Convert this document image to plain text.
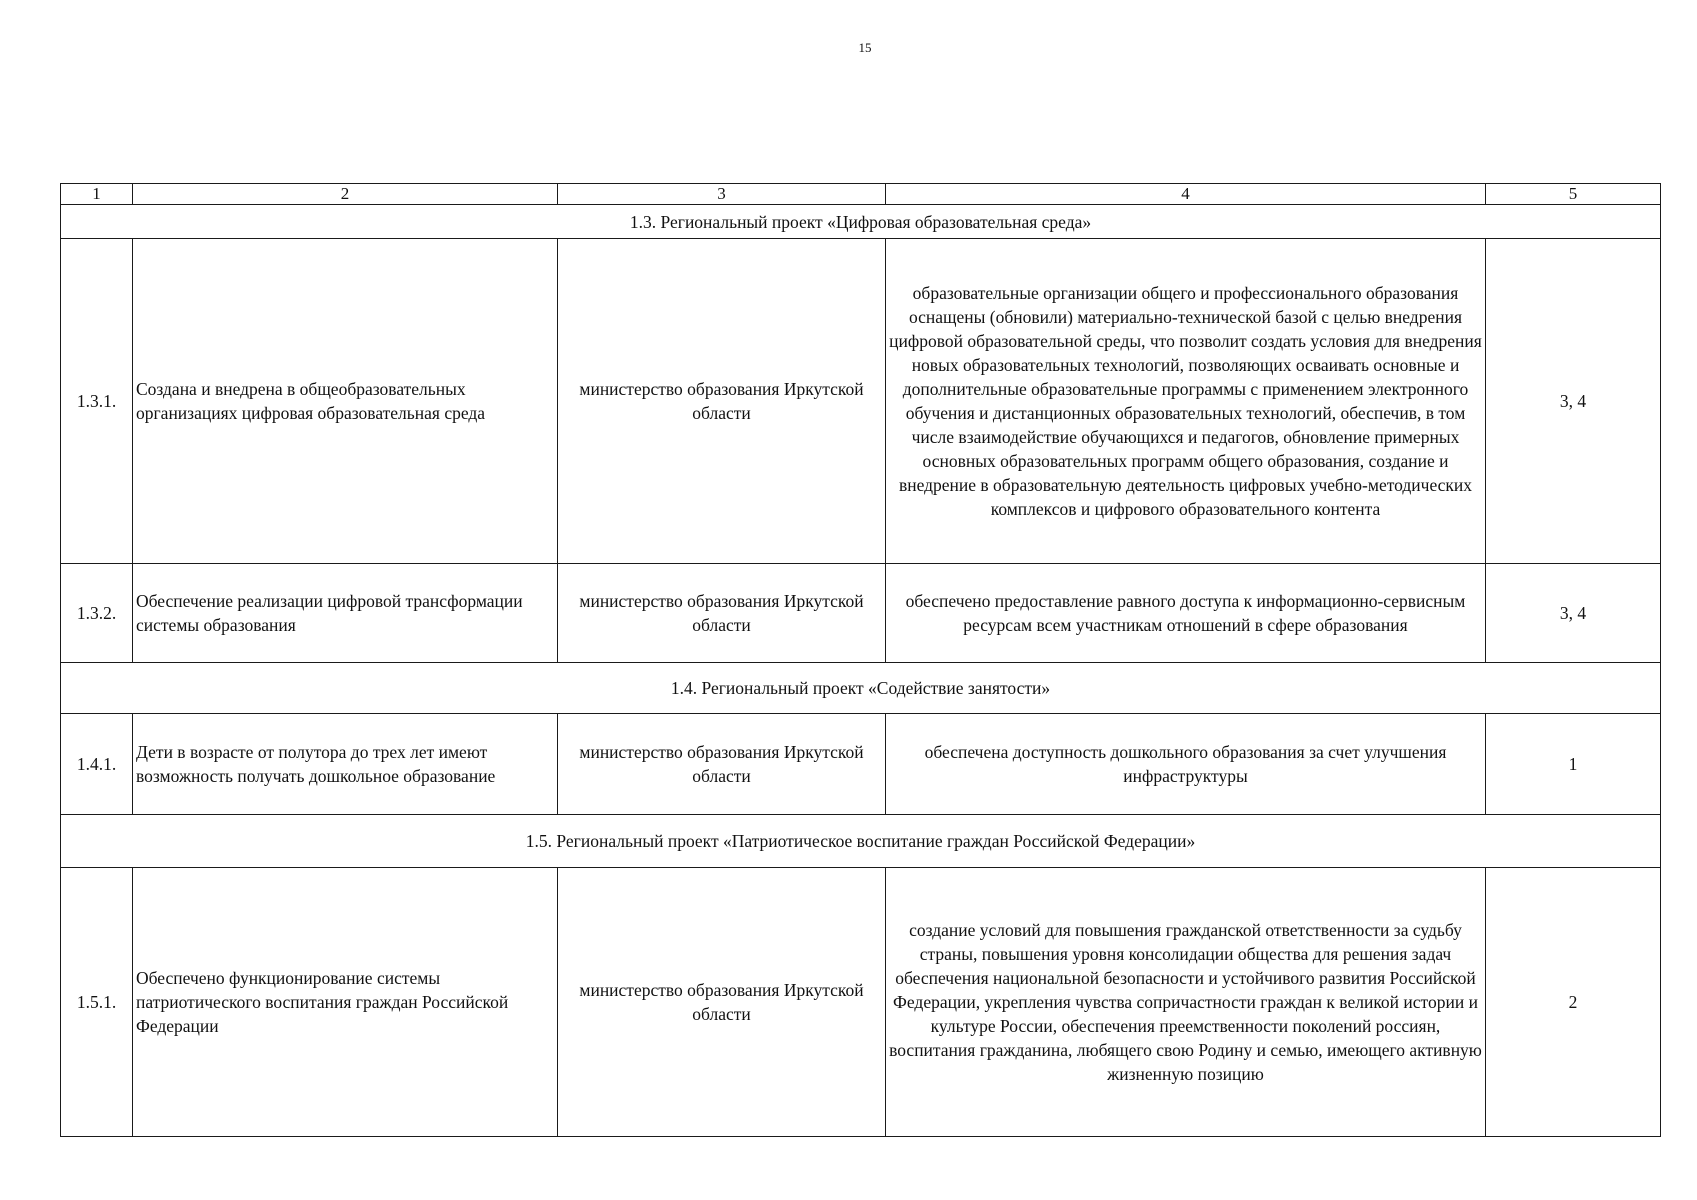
15
1	2	3	4	5
1.3. Региональный проект «Цифровая образовательная среда»				
1.3.1.	Создана и внедрена в общеобразовательных организациях цифровая образовательная среда	министерство образования Иркутской области	образовательные организации общего и профессионального образования оснащены (обновили) материально-технической базой с целью внедрения цифровой образовательной среды, что позволит создать условия для внедрения новых образовательных технологий, позволяющих осваивать основные и дополнительные образовательные программы с применением электронного обучения и дистанционных образовательных технологий, обеспечив, в том числе взаимодействие обучающихся и педагогов, обновление примерных основных образовательных программ общего образования, создание и внедрение в образовательную деятельность цифровых учебно-методических комплексов и цифрового образовательного контента	3, 4
1.3.2.	Обеспечение реализации цифровой трансформации системы образования	министерство образования Иркутской области	обеспечено предоставление равного доступа к информационно-сервисным ресурсам всем участникам отношений в сфере образования	3, 4
1.4. Региональный проект «Содействие занятости»				
1.4.1.	Дети в возрасте от полутора до трех лет имеют возможность получать дошкольное образование	министерство образования Иркутской области	обеспечена доступность дошкольного образования за счет улучшения инфраструктуры	1
1.5. Региональный проект «Патриотическое воспитание граждан Российской Федерации»				
1.5.1.	Обеспечено функционирование системы патриотического воспитания граждан Российской Федерации	министерство образования Иркутской области	создание условий для повышения гражданской ответственности за судьбу страны, повышения уровня консолидации общества для решения задач обеспечения национальной безопасности и устойчивого развития Российской Федерации, укрепления чувства сопричастности граждан к великой истории и культуре России, обеспечения преемственности поколений россиян, воспитания гражданина, любящего свою Родину и семью, имеющего активную жизненную позицию	2
